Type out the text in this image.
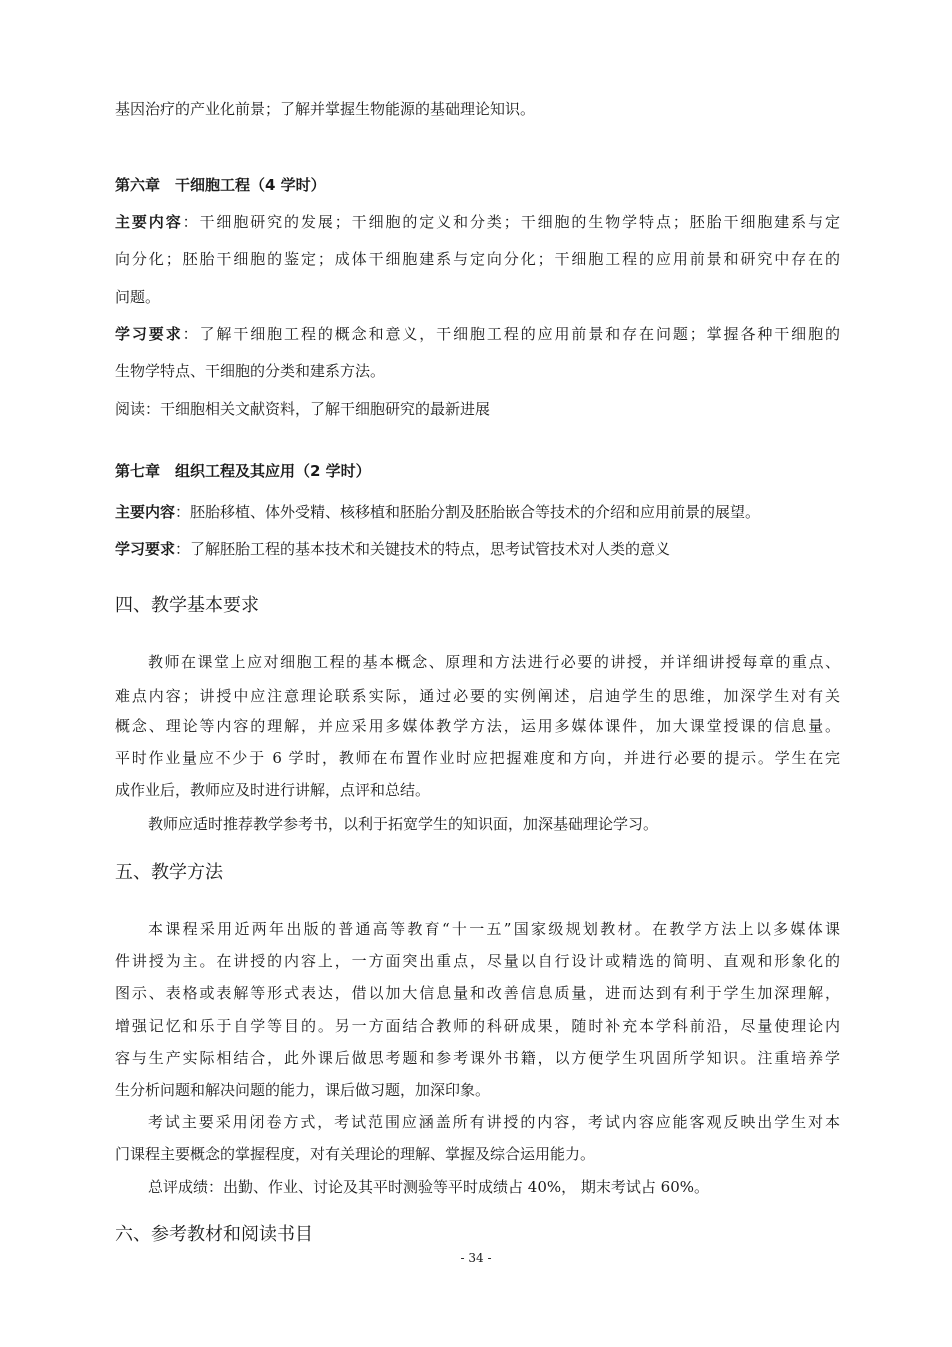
基因治疗的产业化前景；了解并掌握生物能源的基础理论知识。
第六章　干细胞工程（4 学时）
主要内容：干细胞研究的发展；干细胞的定义和分类；干细胞的生物学特点；胚胎干细胞建系与定
向分化；胚胎干细胞的鉴定；成体干细胞建系与定向分化；干细胞工程的应用前景和研究中存在的
问题。
学习要求：了解干细胞工程的概念和意义，干细胞工程的应用前景和存在问题；掌握各种干细胞的
生物学特点、干细胞的分类和建系方法。
阅读：干细胞相关文献资料，了解干细胞研究的最新进展
第七章　组织工程及其应用（2 学时）
主要内容：胚胎移植、体外受精、核移植和胚胎分割及胚胎嵌合等技术的介绍和应用前景的展望。
学习要求：了解胚胎工程的基本技术和关键技术的特点，思考试管技术对人类的意义
四、教学基本要求
教师在课堂上应对细胞工程的基本概念、原理和方法进行必要的讲授，并详细讲授每章的重点、
难点内容；讲授中应注意理论联系实际，通过必要的实例阐述，启迪学生的思维，加深学生对有关
概念、理论等内容的理解，并应采用多媒体教学方法，运用多媒体课件，加大课堂授课的信息量。
平时作业量应不少于 6 学时，教师在布置作业时应把握难度和方向，并进行必要的提示。学生在完
成作业后，教师应及时进行讲解，点评和总结。
教师应适时推荐教学参考书，以利于拓宽学生的知识面，加深基础理论学习。
五、教学方法
本课程采用近两年出版的普通高等教育“十一五”国家级规划教材。在教学方法上以多媒体课
件讲授为主。在讲授的内容上，一方面突出重点，尽量以自行设计或精选的简明、直观和形象化的
图示、表格或表解等形式表达，借以加大信息量和改善信息质量，进而达到有利于学生加深理解，
增强记忆和乐于自学等目的。另一方面结合教师的科研成果，随时补充本学科前沿，尽量使理论内
容与生产实际相结合，此外课后做思考题和参考课外书籍，以方便学生巩固所学知识。注重培养学
生分析问题和解决问题的能力，课后做习题，加深印象。
考试主要采用闭卷方式，考试范围应涵盖所有讲授的内容，考试内容应能客观反映出学生对本
门课程主要概念的掌握程度，对有关理论的理解、掌握及综合运用能力。
总评成绩：出勤、作业、讨论及其平时测验等平时成绩占 40%， 期末考试占 60%。
六、参考教材和阅读书目
- 34 -
